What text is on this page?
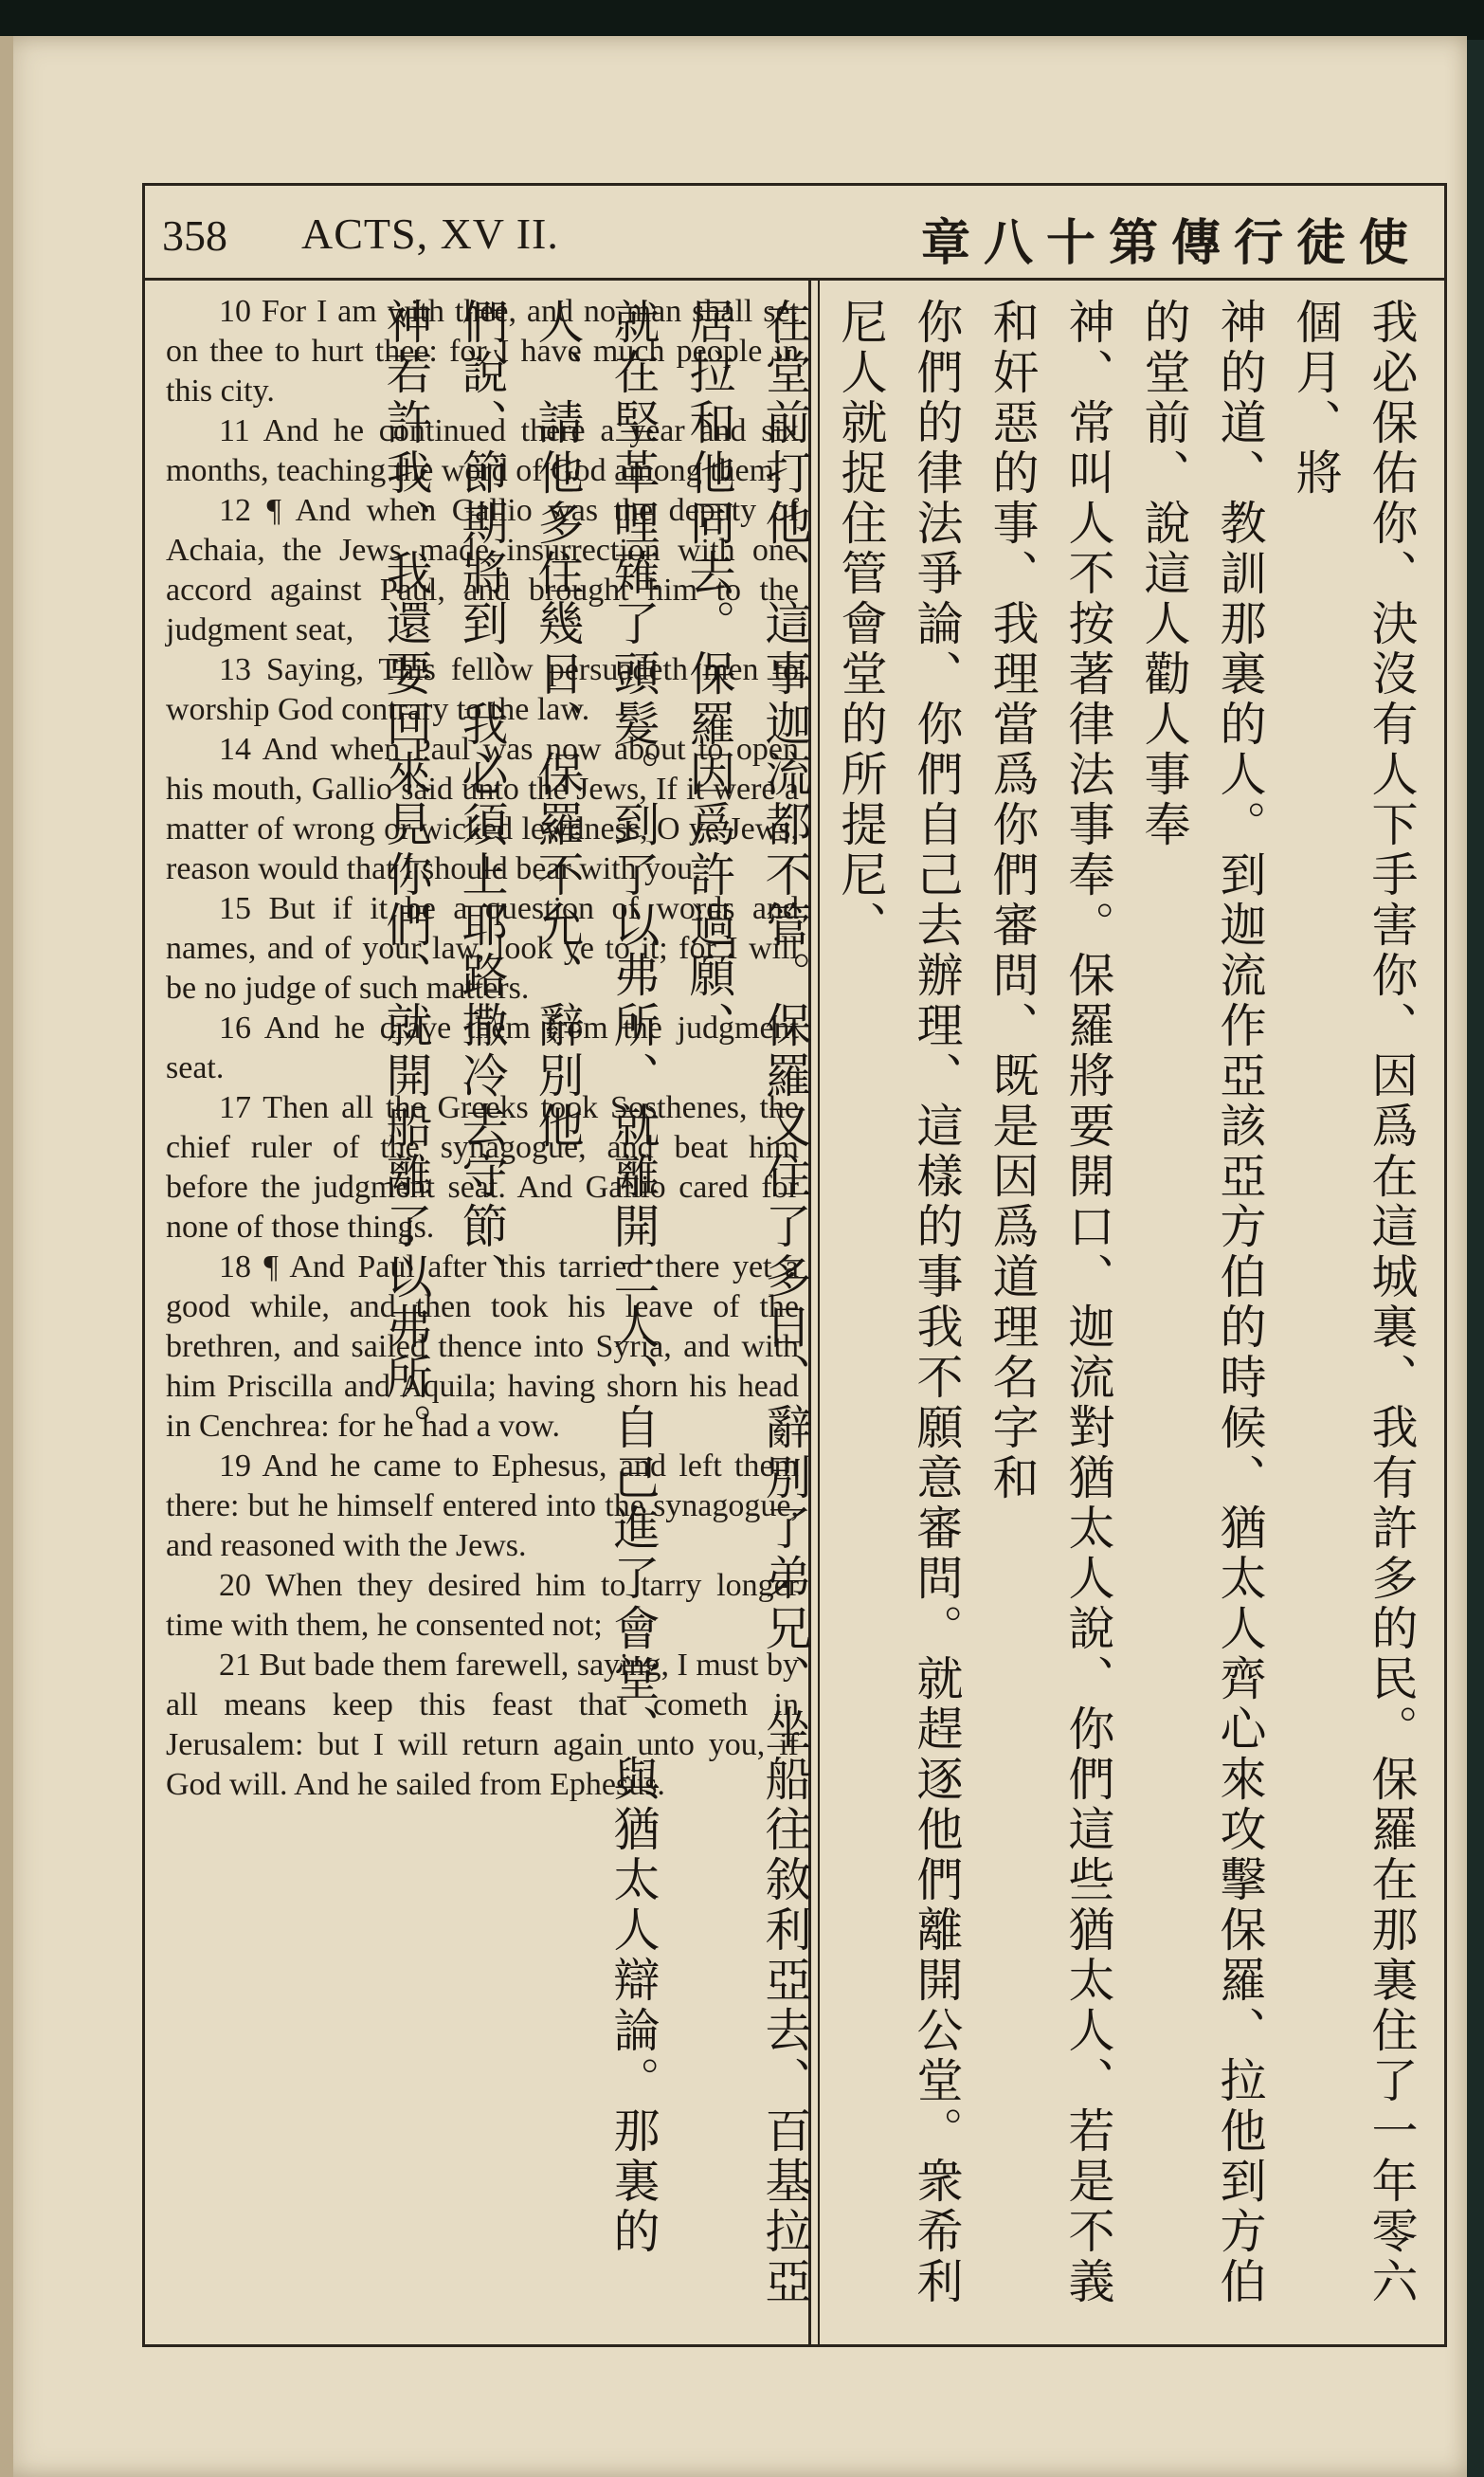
358 ACTS, XV II.	使徒行傳第十八章

10 For I am with thee, and no man shall set on thee to hurt thee: for I have much people in this city.

11 And he continued there a year and six months, teaching the word of God among them.

12 ¶ And when Gallio was the deputy of Achaia, the Jews made insurrection with one accord against Paul, and brought him to the judgment seat,

13 Saying, This fellow persuadeth men to worship God contrary to the law.

14 And when Paul was now about to open his mouth, Gallio said unto the Jews, If it were a matter of wrong or wicked lewdness, O ye Jews, reason would that I should bear with you:

15 But if it be a question of words and names, and of your law, look ye to it; for I will be no judge of such matters.

16 And he drave them from the judgment seat.

17 Then all the Greeks took Sosthenes, the chief ruler of the synagogue, and beat him before the judgment seat. And Gallio cared for none of those things.

18 ¶ And Paul after this tarried there yet a good while, and then took his leave of the brethren, and sailed thence into Syria, and with him Priscilla and Aquila; having shorn his head in Cenchrea: for he had a vow.

19 And he came to Ephesus, and left them there: but he himself entered into the synagogue, and reasoned with the Jews.

20 When they desired him to tarry longer time with them, he consented not;

21 But bade them farewell, saying, I must by all means keep this feast that cometh in Jerusalem: but I will return again unto you, if God will. And he sailed from Ephesus.	我必保佑你、決沒有人下手害你、因爲在這城裏、我有許多的民。保羅在那裏住了一年零六個月、將
神的道、教訓那裏的人。到迦流作亞該亞方伯的時候、猶太人齊心來攻擊保羅、拉他到方伯的堂前、說這人勸人事奉
神、常叫人不按著律法事奉。保羅將要開口、迦流對猶太人說、你們這些猶太人、若是不義和奸惡的事、我理當爲你們審問、既是因爲道理名字和
你們的律法爭論、你們自己去辦理、這樣的事我不願意審問。就趕逐他們離開公堂。衆希利尼人就捉住管會堂的所提尼、
在堂前打他、這事迦流都不管。保羅又住了多日、辭別了弟兄、坐船往敘利亞去、百基拉亞居拉和他同去。保羅因爲許過願、
就在堅革哩薙了頭髮。到了以弗所、就離開二人、自己進了會堂、與猶太人辯論。那裏的人、請他多住幾日、保羅不允、辭別他
們說、節期將到、我必須上耶路撒冷去守節、
神若許我、我還要回來見你們、就開船離了以弗所。
